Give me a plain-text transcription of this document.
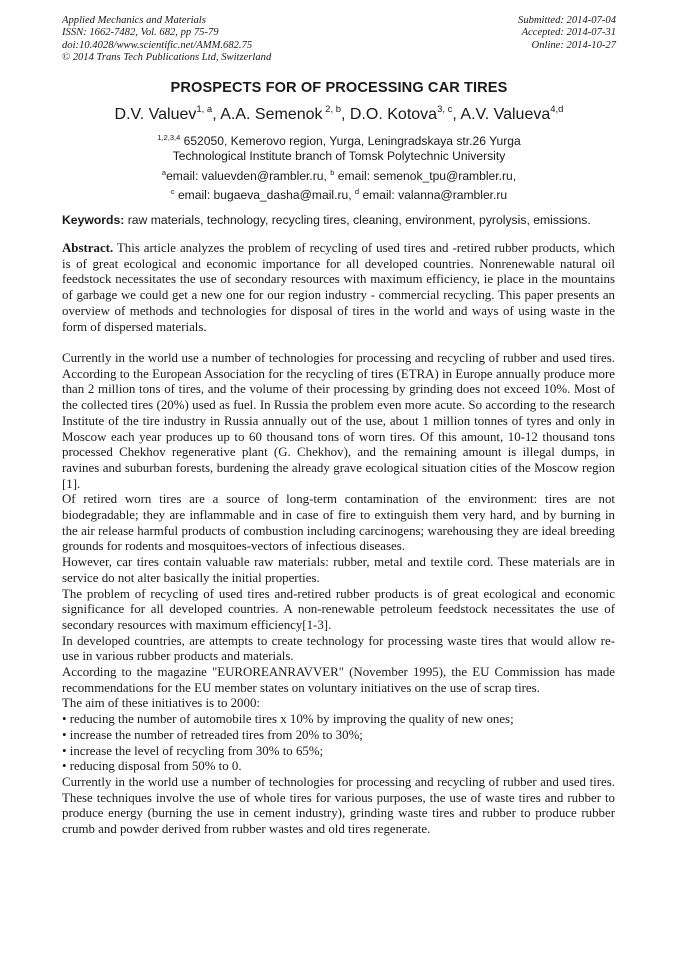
Applied Mechanics and Materials
ISSN: 1662-7482, Vol. 682, pp 75-79
doi:10.4028/www.scientific.net/AMM.682.75
© 2014 Trans Tech Publications Ltd, Switzerland
Submitted: 2014-07-04
Accepted: 2014-07-31
Online: 2014-10-27
PROSPECTS FOR OF PROCESSING CAR TIRES
D.V. Valuev$^{1, a}$, A.A. Semenok $^{2, b}$, D.O. Kotova$^{3, c}$, A.V. Valueva$^{4,d}$
$^{1,2,3,4}$ 652050, Kemerovo region, Yurga, Leningradskaya str.26 Yurga
Technological Institute branch of Tomsk Polytechnic University
$^a$email: valuevden@rambler.ru, $^b$ email: semenok_tpu@rambler.ru,
$^c$ email: bugaeva_dasha@mail.ru, $^d$ email: valanna@rambler.ru
Keywords: raw materials, technology, recycling tires, cleaning, environment, pyrolysis, emissions.

Abstract. This article analyzes the problem of recycling of used tires and -retired rubber products, which is of great ecological and economic importance for all developed countries. Nonrenewable natural oil feedstock necessitates the use of secondary resources with maximum efficiency, ie place in the mountains of garbage we could get a new one for our region industry - commercial recycling. This paper presents an overview of methods and technologies for disposal of tires in the world and ways of using waste in the form of dispersed materials.

Currently in the world use a number of technologies for processing and recycling of rubber and used tires. According to the European Association for the recycling of tires (ETRA) in Europe annually produce more than 2 million tons of tires, and the volume of their processing by grinding does not exceed 10%. Most of the collected tires (20%) used as fuel. In Russia the problem even more acute. So according to the research Institute of the tire industry in Russia annually out of the use, about 1 million tonnes of tyres and only in Moscow each year produces up to 60 thousand tons of worn tires. Of this amount, 10-12 thousand tons processed Chekhov regenerative plant (G. Chekhov), and the remaining amount is illegal dumps, in ravines and suburban forests, burdening the already grave ecological situation cities of the Moscow region [1].

Of retired worn tires are a source of long-term contamination of the environment: tires are not biodegradable; they are inflammable and in case of fire to extinguish them very hard, and by burning in the air release harmful products of combustion including carcinogens; warehousing they are ideal breeding grounds for rodents and mosquitoes-vectors of infectious diseases.

However, car tires contain valuable raw materials: rubber, metal and textile cord. These materials are in service do not alter basically the initial properties.

The problem of recycling of used tires and-retired rubber products is of great ecological and economic significance for all developed countries. A non-renewable petroleum feedstock necessitates the use of secondary resources with maximum efficiency[1-3].

In developed countries, are attempts to create technology for processing waste tires that would allow re-use in various rubber products and materials.

According to the magazine "EUROREANRAVVER" (November 1995), the EU Commission has made recommendations for the EU member states on voluntary initiatives on the use of scrap tires.

The aim of these initiatives is to 2000:

• reducing the number of automobile tires x 10% by improving the quality of new ones;

• increase the number of retreaded tires from 20% to 30%;

• increase the level of recycling from 30% to 65%;

• reducing disposal from 50% to 0.

Currently in the world use a number of technologies for processing and recycling of rubber and used tires. These techniques involve the use of whole tires for various purposes, the use of waste tires and rubber to produce energy (burning the use in cement industry), grinding waste tires and rubber to produce rubber crumb and powder derived from rubber wastes and old tires regenerate.
